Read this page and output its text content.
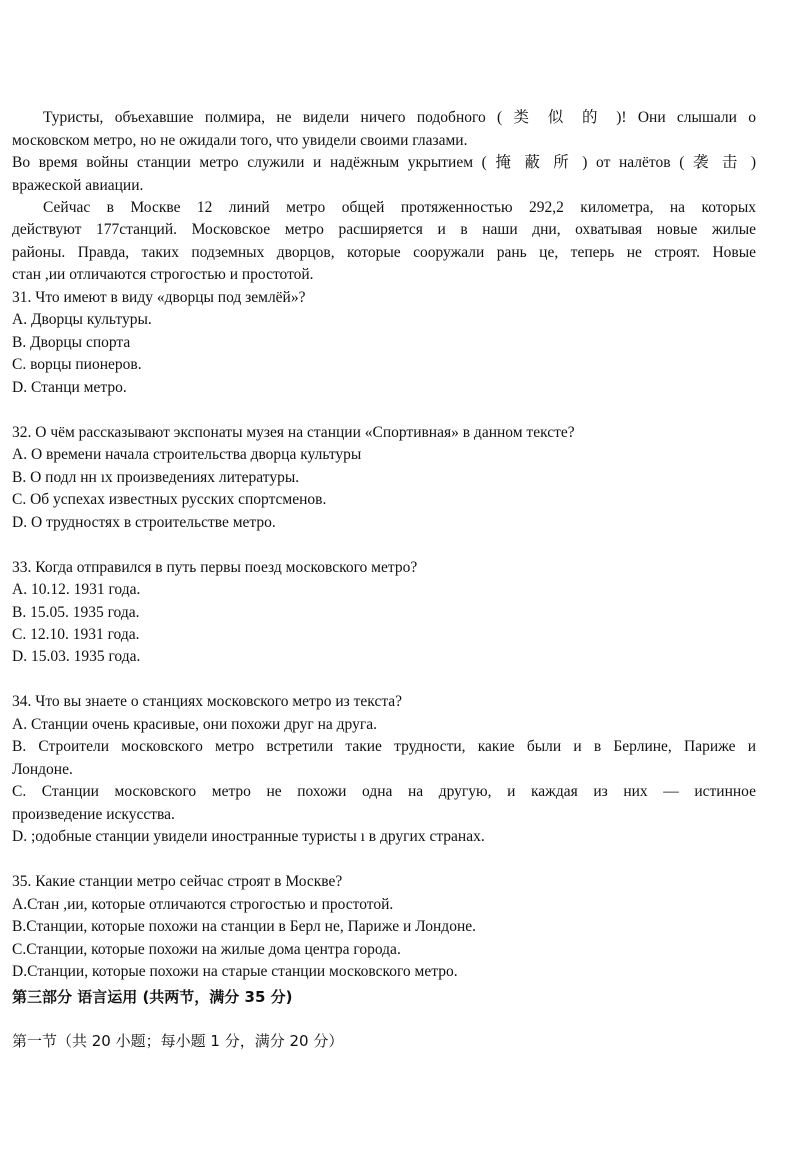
Туристы, объехавшие полмира, не видели ничего подобного ( 类 似 的 )! Они слышали о

московском метро, но не ожидали того, что увидели своими глазами.

Во время войны станции метро служили и надёжным укрытием ( 掩 蔽 所 ) от налётов ( 袭 击 )

вражеской авиации.

Сейчас в Москве 12 линий метро общей протяженностью 292,2 километра, на которых

действуют 177станций. Московское метро расширяется и в наши дни, охватывая новые жилые

районы. Правда, таких подземных дворцов, которые сооружали рань це, теперь не строят. Новые

стан ,ии отличаются строгостью и простотой.

31. Что имеют в виду «дворцы под землёй»?

A. Дворцы культуры.

B. Дворцы спорта

C. ворцы пионеров.

D. Станци метро.

32. О чём рассказывают экспонаты музея на станции «Спортивная» в данном тексте?

A. О времени начала строительства дворца культуры

B. О подл нн ıх произведениях литературы.

C. Об успехах известных русских спортсменов.

D. О трудностях в строительстве метро.

33. Когда отправился в путь первы поезд московского метро?

A. 10.12. 1931 года.

B. 15.05. 1935 года.

C. 12.10. 1931 года.

D. 15.03. 1935 года.

34. Что вы знаете о станциях московского метро из текста?

A. Станции очень красивые, они похожи друг на друга.

B. Строители московского метро встретили такие трудности, какие были и в Берлине, Париже и

Лондоне.

C. Станции московского метро не похожи одна на другую, и каждая из них — истинное

произведение искусства.

D. ;одобные станции увидели иностранные туристы ı в других странах.

35. Какие станции метро сейчас строят в Москве?

A.Стан ,ии, которые отличаются строгостью и простотой.

B.Станции, которые похожи на станции в Берл не, Париже и Лондоне.

C.Станции, которые похожи на жилые дома центра города.

D.Станции, которые похожи на старые станции московского метро.

第三部分 语言运用 (共两节，满分 35 分)

第一节（共 20 小题；每小题 1 分，满分 20 分）
